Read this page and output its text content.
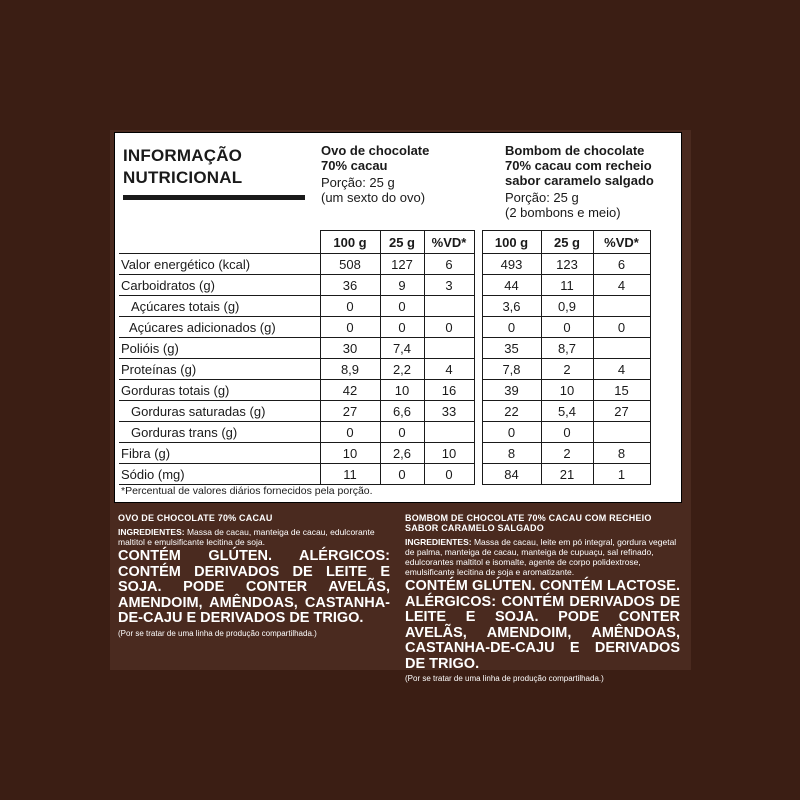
INFORMAÇÃO
NUTRICIONAL
Ovo de chocolate
70% cacau
Porção: 25 g
(um sexto do ovo)
Bombom de chocolate
70% cacau com recheio
sabor caramelo salgado
Porção: 25 g
(2 bombons e meio)
	100 g	25 g	%VD*		100 g	25 g	%VD*
Valor energético (kcal)	508	127	6		493	123	6
Carboidratos (g)	36	9	3		44	11	4
Açúcares totais (g)	0	0			3,6	0,9	
Açúcares adicionados (g)	0	0	0		0	0	0
Polióis (g)	30	7,4			35	8,7	
Proteínas (g)	8,9	2,2	4		7,8	2	4
Gorduras totais (g)	42	10	16		39	10	15
Gorduras saturadas (g)	27	6,6	33		22	5,4	27
Gorduras trans (g)	0	0			0	0	
Fibra (g)	10	2,6	10		8	2	8
Sódio (mg)	11	0	0		84	21	1
*Percentual de valores diários fornecidos pela porção.
OVO DE CHOCOLATE 70% CACAU
INGREDIENTES: Massa de cacau, manteiga de cacau, edulcorante maltitol e emulsificante lecitina de soja.
CONTÉM GLÚTEN. ALÉRGICOS: CONTÉM DERIVADOS DE LEITE E SOJA. PODE CONTER AVELÃS, AMENDOIM, AMÊNDOAS, CASTANHA-DE-CAJU E DERIVADOS DE TRIGO.
(Por se tratar de uma linha de produção compartilhada.)
BOMBOM DE CHOCOLATE 70% CACAU COM RECHEIO SABOR CARAMELO SALGADO
INGREDIENTES: Massa de cacau, leite em pó integral, gordura vegetal de palma, manteiga de cacau, manteiga de cupuaçu, sal refinado, edulcorantes maltitol e isomalte, agente de corpo polidextrose, emulsificante lecitina de soja e aromatizante.
CONTÉM GLÚTEN. CONTÉM LACTOSE. ALÉRGICOS: CONTÉM DERIVADOS DE LEITE E SOJA. PODE CONTER AVELÃS, AMENDOIM, AMÊNDOAS, CASTANHA-DE-CAJU E DERIVADOS DE TRIGO.
(Por se tratar de uma linha de produção compartilhada.)
